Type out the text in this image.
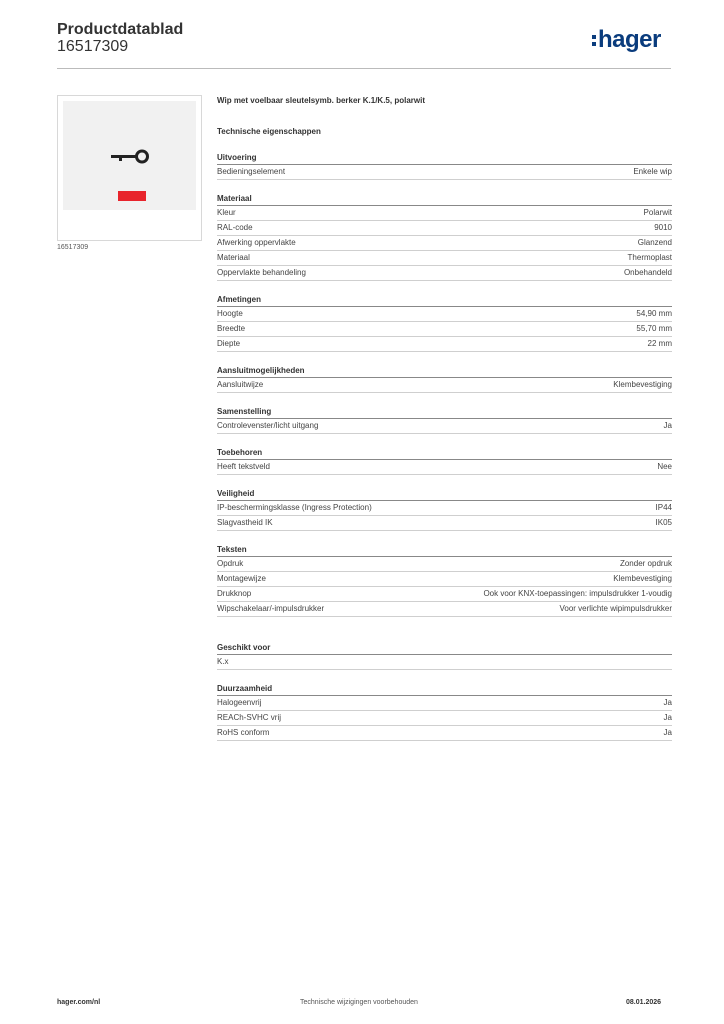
Productdatablad
16517309	hager
16517309
Wip met voelbaar sleutelsymb. berker K.1/K.5, polarwit
Technische eigenschappen
Uitvoering
Bedieningselement	Enkele wip
Materiaal
Kleur	Polarwit
RAL-code	9010
Afwerking oppervlakte	Glanzend
Materiaal	Thermoplast
Oppervlakte behandeling	Onbehandeld
Afmetingen
Hoogte	54,90 mm
Breedte	55,70 mm
Diepte	22 mm
Aansluitmogelijkheden
Aansluitwijze	Klembevestiging
Samenstelling
Controlevenster/licht uitgang	Ja
Toebehoren
Heeft tekstveld	Nee
Veiligheid
IP-beschermingsklasse (Ingress Protection)	IP44
Slagvastheid IK	IK05
Teksten
Opdruk	Zonder opdruk
Montagewijze	Klembevestiging
Drukknop	Ook voor KNX-toepassingen: impulsdrukker 1-voudig
Wipschakelaar/-impulsdrukker	Voor verlichte wipimpulsdrukker
Geschikt voor
K.x
Duurzaamheid
Halogeenvrij	Ja
REACh-SVHC vrij	Ja
RoHS conform	Ja
hager.com/nl	Technische wijzigingen voorbehouden	08.01.2026
